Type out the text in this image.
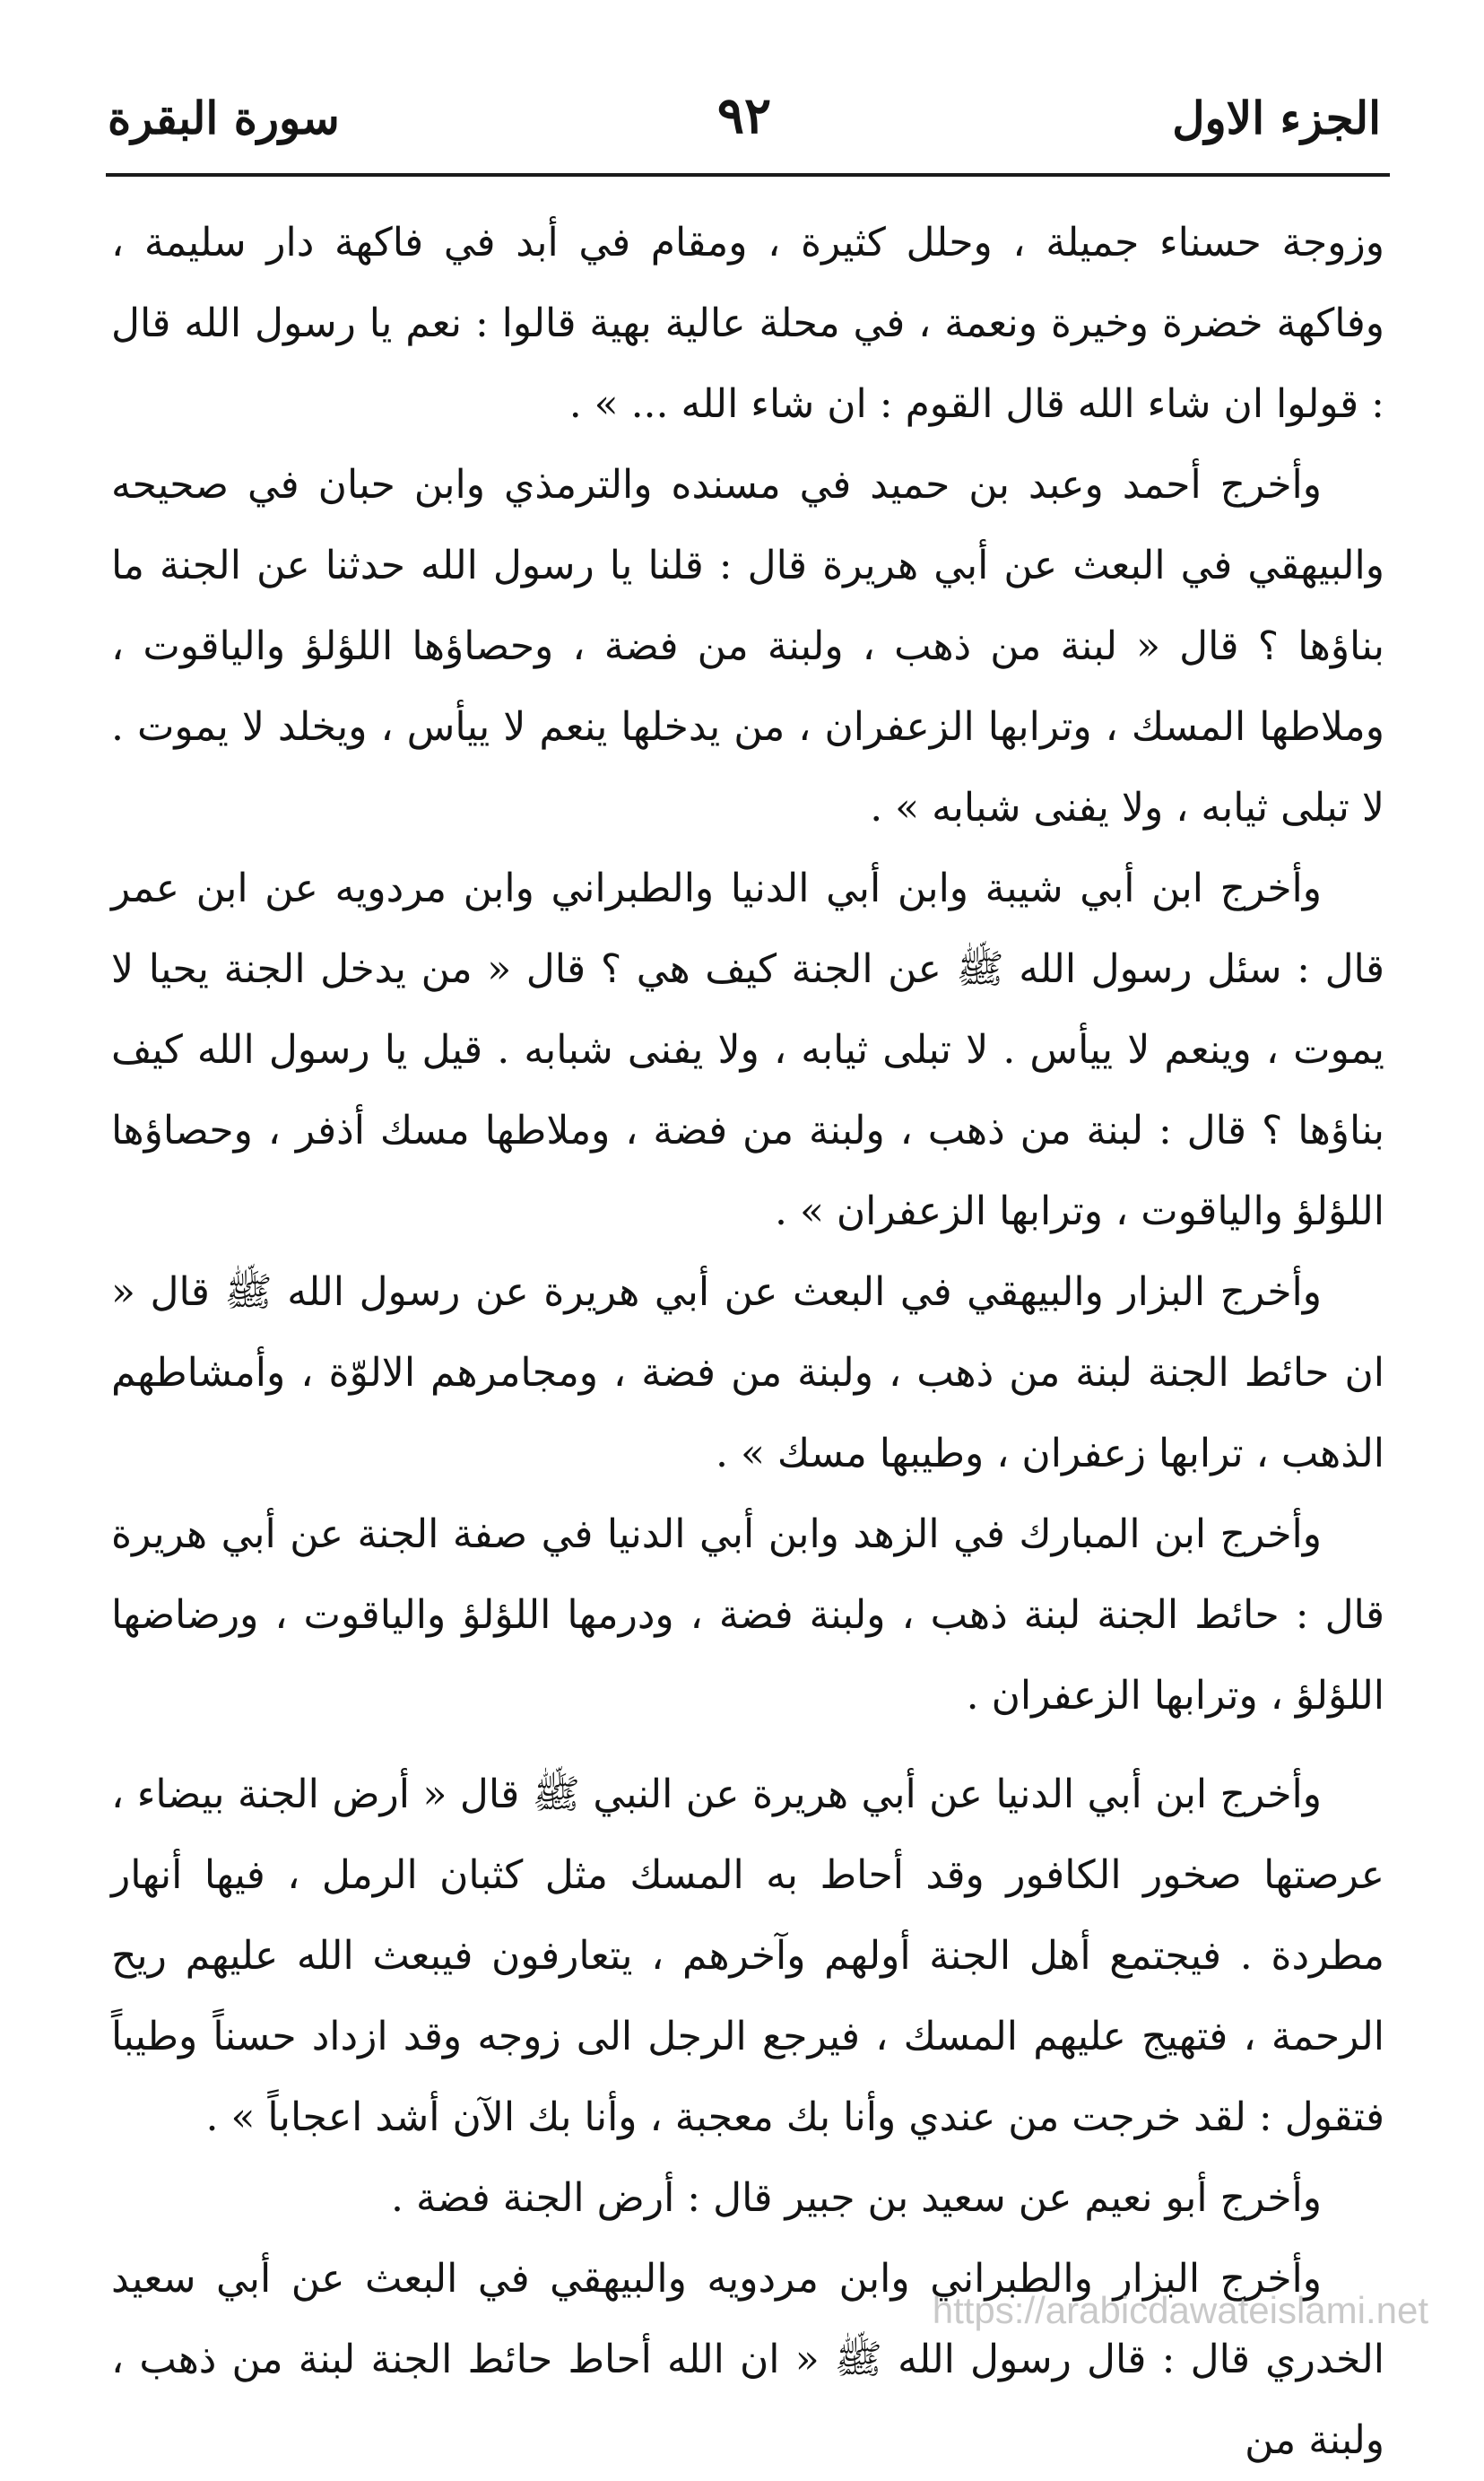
الجزء الاول
٩٢
سورة البقرة

وزوجة حسناء جميلة ، وحلل كثيرة ، ومقام في أبد في فاكهة دار سليمة ، وفاكهة خضرة وخيرة ونعمة ، في محلة عالية بهية قالوا : نعم يا رسول الله قال : قولوا ان شاء الله قال القوم : ان شاء الله ... » .

وأخرج أحمد وعبد بن حميد في مسنده والترمذي وابن حبان في صحيحه والبيهقي في البعث عن أبي هريرة قال : قلنا يا رسول الله حدثنا عن الجنة ما بناؤها ؟ قال « لبنة من ذهب ، ولبنة من فضة ، وحصاؤها اللؤلؤ والياقوت ، وملاطها المسك ، وترابها الزعفران ، من يدخلها ينعم لا ييأس ، ويخلد لا يموت . لا تبلى ثيابه ، ولا يفنى شبابه » .

وأخرج ابن أبي شيبة وابن أبي الدنيا والطبراني وابن مردويه عن ابن عمر قال : سئل رسول الله ﷺ عن الجنة كيف هي ؟ قال « من يدخل الجنة يحيا لا يموت ، وينعم لا ييأس . لا تبلى ثيابه ، ولا يفنى شبابه . قيل يا رسول الله كيف بناؤها ؟ قال : لبنة من ذهب ، ولبنة من فضة ، وملاطها مسك أذفر ، وحصاؤها اللؤلؤ والياقوت ، وترابها الزعفران » .

وأخرج البزار والبيهقي في البعث عن أبي هريرة عن رسول الله ﷺ قال « ان حائط الجنة لبنة من ذهب ، ولبنة من فضة ، ومجامرهم الالوّة ، وأمشاطهم الذهب ، ترابها زعفران ، وطيبها مسك » .

وأخرج ابن المبارك في الزهد وابن أبي الدنيا في صفة الجنة عن أبي هريرة قال : حائط الجنة لبنة ذهب ، ولبنة فضة ، ودرمها اللؤلؤ والياقوت ، ورضاضها اللؤلؤ ، وترابها الزعفران .

وأخرج ابن أبي الدنيا عن أبي هريرة عن النبي ﷺ قال « أرض الجنة بيضاء ، عرصتها صخور الكافور وقد أحاط به المسك مثل كثبان الرمل ، فيها أنهار مطردة . فيجتمع أهل الجنة أولهم وآخرهم ، يتعارفون فيبعث الله عليهم ريح الرحمة ، فتهيج عليهم المسك ، فيرجع الرجل الى زوجه وقد ازداد حسناً وطيباً فتقول : لقد خرجت من عندي وأنا بك معجبة ، وأنا بك الآن أشد اعجاباً » .

وأخرج أبو نعيم عن سعيد بن جبير قال : أرض الجنة فضة .

وأخرج البزار والطبراني وابن مردويه والبيهقي في البعث عن أبي سعيد الخدري قال : قال رسول الله ﷺ « ان الله أحاط حائط الجنة لبنة من ذهب ، ولبنة من

https://arabicdawateislami.net
